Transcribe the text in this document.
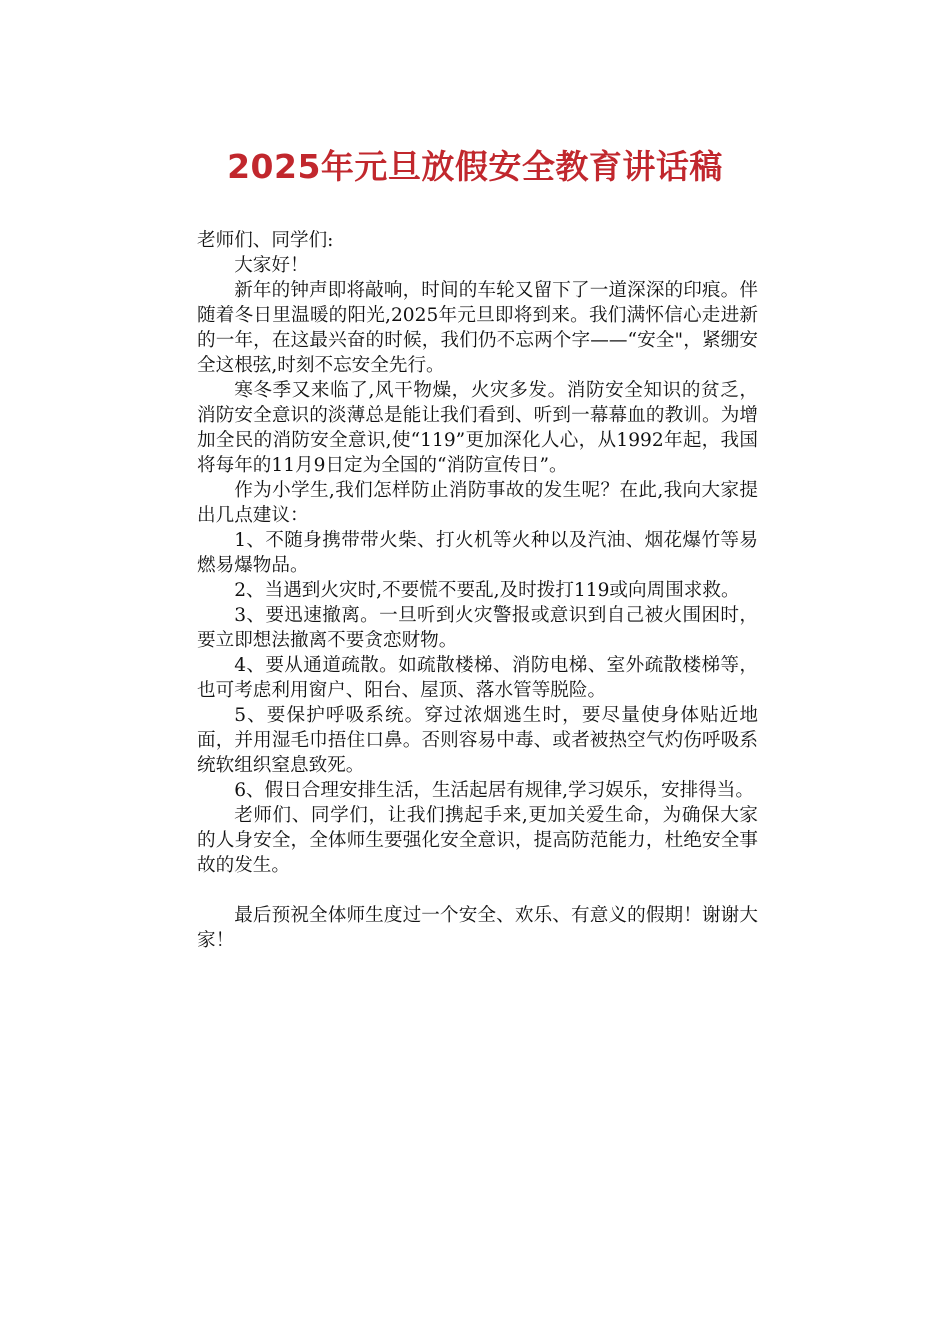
2025年元旦放假安全教育讲话稿

老师们、同学们:

大家好！

新年的钟声即将敲响，时间的车轮又留下了一道深深的印痕。伴随着冬日里温暖的阳光,2025年元旦即将到来。我们满怀信心走进新的一年，在这最兴奋的时候，我们仍不忘两个字——“安全"，紧绷安全这根弦,时刻不忘安全先行。

寒冬季又来临了,风干物燥，火灾多发。消防安全知识的贫乏，消防安全意识的淡薄总是能让我们看到、听到一幕幕血的教训。为增加全民的消防安全意识,使“119”更加深化人心，从1992年起，我国将每年的11月9日定为全国的“消防宣传日”。

作为小学生,我们怎样防止消防事故的发生呢？在此,我向大家提出几点建议：

1、不随身携带带火柴、打火机等火种以及汽油、烟花爆竹等易燃易爆物品。

2、当遇到火灾时,不要慌不要乱,及时拨打119或向周围求救。

3、要迅速撤离。一旦听到火灾警报或意识到自己被火围困时，要立即想法撤离不要贪恋财物。

4、要从通道疏散。如疏散楼梯、消防电梯、室外疏散楼梯等，也可考虑利用窗户、阳台、屋顶、落水管等脱险。

5、要保护呼吸系统。穿过浓烟逃生时，要尽量使身体贴近地面，并用湿毛巾捂住口鼻。否则容易中毒、或者被热空气灼伤呼吸系统软组织窒息致死。

6、假日合理安排生活，生活起居有规律,学习娱乐，安排得当。

老师们、同学们，让我们携起手来,更加关爱生命，为确保大家的人身安全，全体师生要强化安全意识，提高防范能力，杜绝安全事故的发生。

最后预祝全体师生度过一个安全、欢乐、有意义的假期！谢谢大家！
